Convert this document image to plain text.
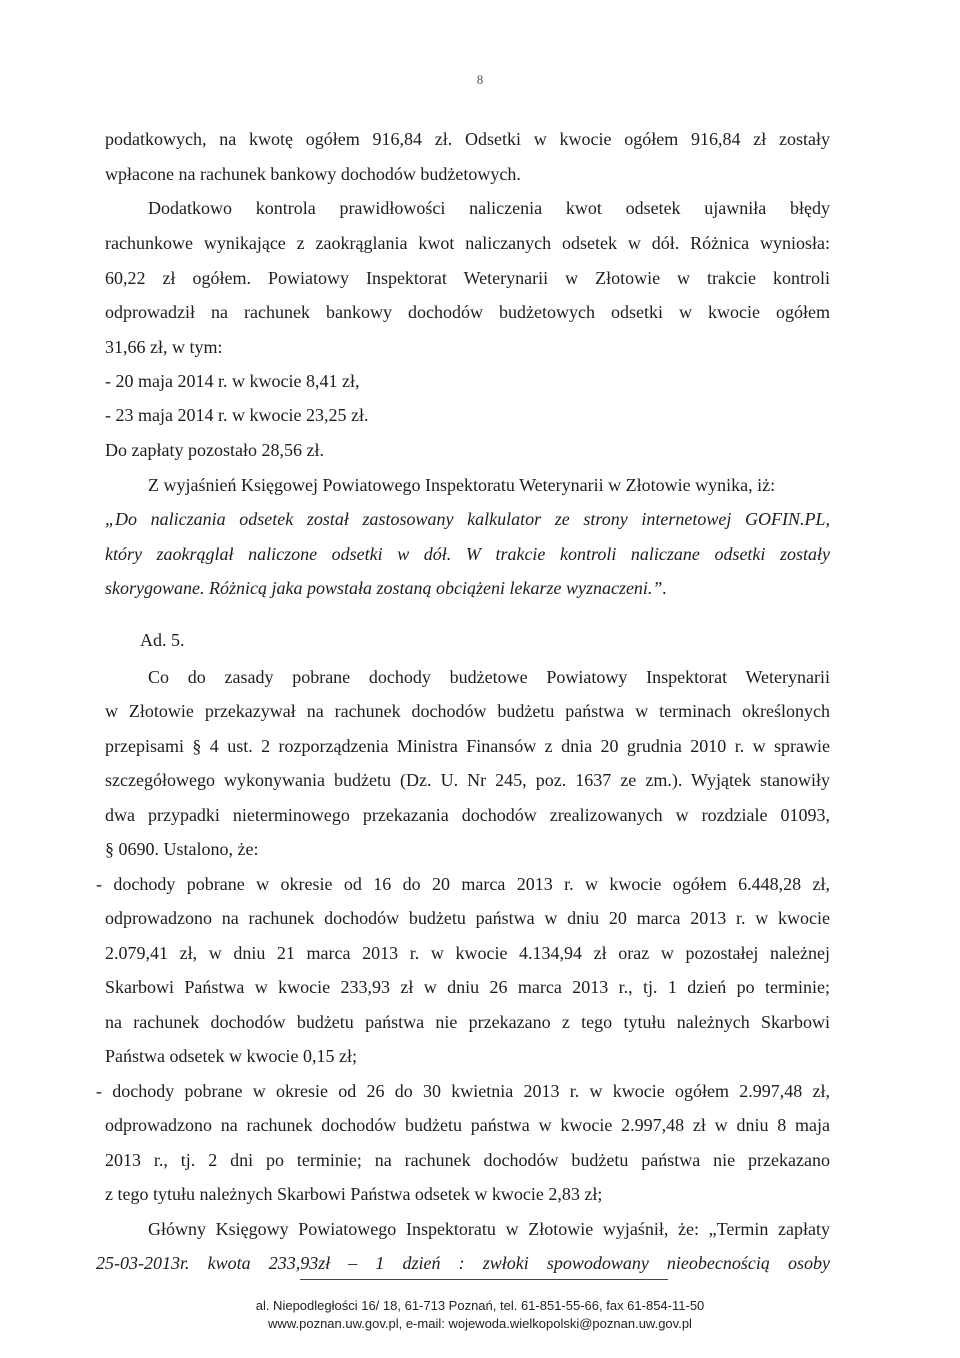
8
podatkowych, na kwotę ogółem 916,84 zł. Odsetki w kwocie ogółem 916,84 zł zostały
wpłacone na rachunek bankowy dochodów budżetowych.
Dodatkowo kontrola prawidłowości naliczenia kwot odsetek ujawniła błędy
rachunkowe wynikające z zaokrąglania kwot naliczanych odsetek w dół. Różnica wyniosła:
60,22 zł ogółem. Powiatowy Inspektorat Weterynarii w Złotowie w trakcie kontroli
odprowadził na rachunek bankowy dochodów budżetowych odsetki w kwocie ogółem
31,66 zł, w tym:
- 20 maja 2014 r. w kwocie 8,41 zł,
- 23 maja 2014 r. w kwocie 23,25 zł.
Do zapłaty pozostało 28,56 zł.
Z wyjaśnień Księgowej Powiatowego Inspektoratu Weterynarii w Złotowie wynika, iż:
„Do naliczania odsetek został zastosowany kalkulator ze strony internetowej GOFIN.PL,
który zaokrąglał naliczone odsetki w dół. W trakcie kontroli naliczane odsetki zostały
skorygowane. Różnicą jaka powstała zostaną obciążeni lekarze wyznaczeni.”.
Ad. 5.
Co do zasady pobrane dochody budżetowe Powiatowy Inspektorat Weterynarii
w Złotowie przekazywał na rachunek dochodów budżetu państwa w terminach określonych
przepisami § 4 ust. 2 rozporządzenia Ministra Finansów z dnia 20 grudnia 2010 r. w sprawie
szczegółowego wykonywania budżetu (Dz. U. Nr 245, poz. 1637 ze zm.). Wyjątek stanowiły
dwa przypadki nieterminowego przekazania dochodów zrealizowanych w rozdziale 01093,
§ 0690. Ustalono, że:
- dochody pobrane w okresie od 16 do 20 marca 2013 r. w kwocie ogółem 6.448,28 zł,
odprowadzono na rachunek dochodów budżetu państwa w dniu 20 marca 2013 r. w kwocie
2.079,41 zł, w dniu 21 marca 2013 r. w kwocie 4.134,94 zł oraz w pozostałej należnej
Skarbowi Państwa w kwocie 233,93 zł w dniu 26 marca 2013 r., tj. 1 dzień po terminie;
na rachunek dochodów budżetu państwa nie przekazano z tego tytułu należnych Skarbowi
Państwa odsetek w kwocie 0,15 zł;
- dochody pobrane w okresie od 26 do 30 kwietnia 2013 r. w kwocie ogółem 2.997,48 zł,
odprowadzono na rachunek dochodów budżetu państwa w kwocie 2.997,48 zł w dniu 8 maja
2013 r., tj. 2 dni po terminie; na rachunek dochodów budżetu państwa nie przekazano
z tego tytułu należnych Skarbowi Państwa odsetek w kwocie 2,83 zł;
Główny Księgowy Powiatowego Inspektoratu w Złotowie wyjaśnił, że: „Termin zapłaty
25-03-2013r. kwota 233,93zł – 1 dzień : zwłoki spowodowany nieobecnością osoby
al. Niepodległości 16/ 18, 61-713 Poznań, tel. 61-851-55-66, fax 61-854-11-50
www.poznan.uw.gov.pl, e-mail: wojewoda.wielkopolski@poznan.uw.gov.pl
